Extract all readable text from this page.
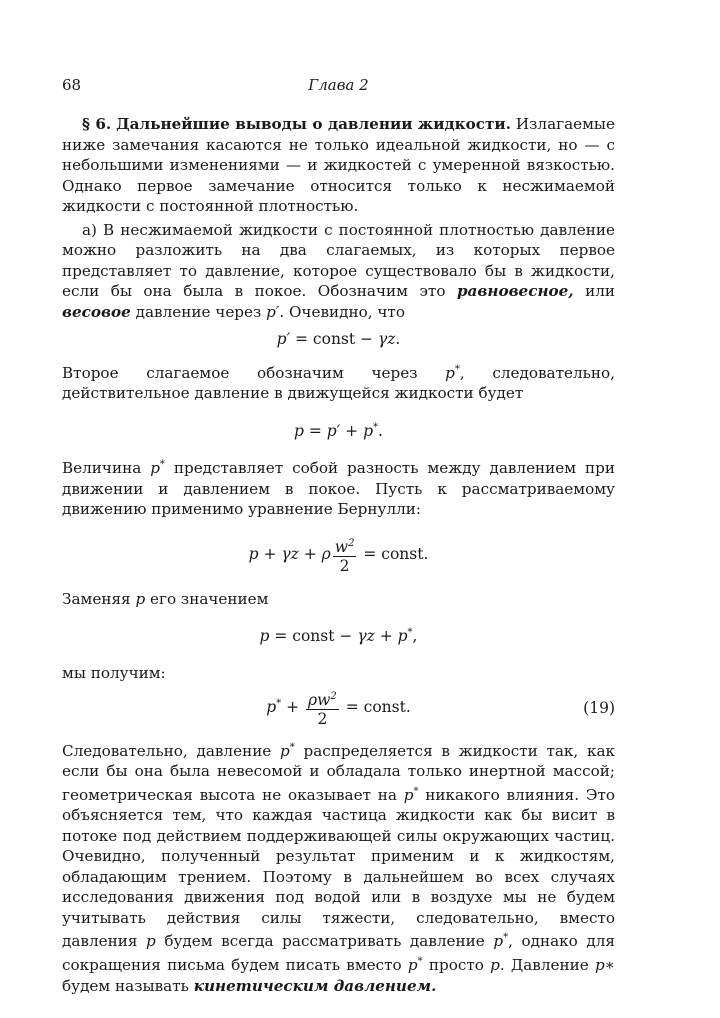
68	Глава 2

§ 6. Дальнейшие выводы о давлении жидкости. Излагаемые ниже замечания касаются не только идеальной жидкости, но — с небольшими изменениями — и жидкостей с умеренной вязкостью. Однако первое замечание относится только к несжимаемой жидкости с постоянной плотностью.

а) В несжимаемой жидкости с постоянной плотностью давление можно разложить на два слагаемых, из которых первое представляет то давление, которое существовало бы в жидкости, если бы она была в покое. Обозначим это равновесное, или весовое давление через p′. Очевидно, что

p′ = const − γz.

Второе слагаемое обозначим через p*, следовательно, действительное давление в движущейся жидкости будет

p = p′ + p*.

Величина p* представляет собой разность между давлением при движении и давлением в покое. Пусть к рассматриваемому движению применимо уравнение Бернулли:

p + γz + ρ $\frac{w^2}{2}$ = const.

Заменяя p его значением

p = const − γz + p*,

мы получим:

$p^* + \frac{\rho w^2}{2}$ = const.	(19)

Следовательно, давление p* распределяется в жидкости так, как если бы она была невесомой и обладала только инертной массой; геометрическая высота не оказывает на p* никакого влияния. Это объясняется тем, что каждая частица жидкости как бы висит в потоке под действием поддерживающей силы окружающих частиц. Очевидно, полученный результат применим и к жидкостям, обладающим трением. Поэтому в дальнейшем во всех случаях исследования движения под водой или в воздухе мы не будем учитывать действия силы тяжести, следовательно, вместо давления p будем всегда рассматривать давление p*, однако для сокращения письма будем писать вместо p* просто p. Давление p∗ будем называть кинетическим давлением.
